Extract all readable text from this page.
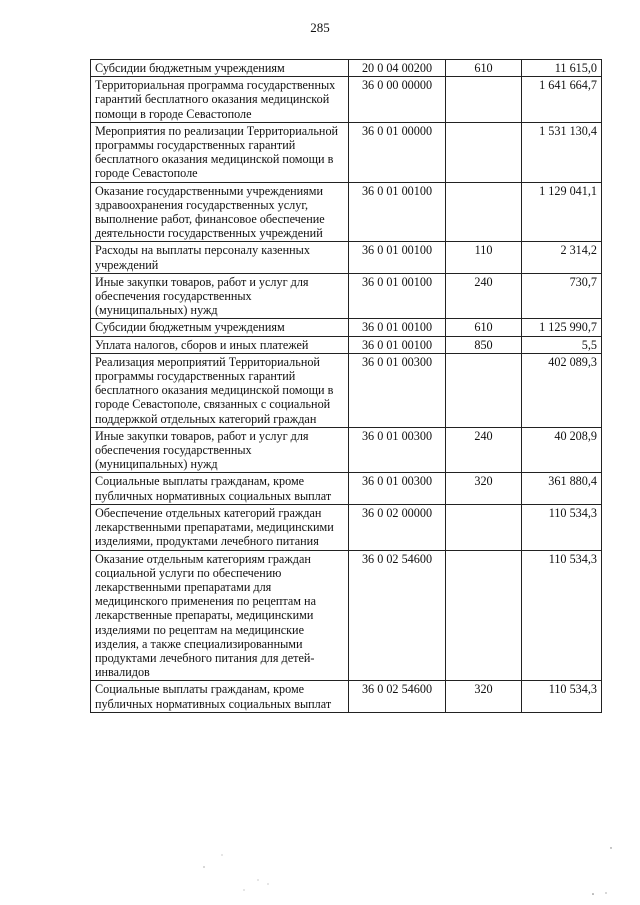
285
Субсидии бюджетным учреждениям	20 0 04 00200	610	11 615,0
Территориальная программа государственных гарантий бесплатного оказания медицинской помощи в городе Севастополе	36 0 00 00000		1 641 664,7
Мероприятия по реализации Территориальной программы государственных гарантий бесплатного оказания медицинской помощи в городе Севастополе	36 0 01 00000		1 531 130,4
Оказание государственными учреждениями здравоохранения государственных услуг, выполнение работ, финансовое обеспечение деятельности государственных учреждений	36 0 01 00100		1 129 041,1
Расходы на выплаты персоналу казенных учреждений	36 0 01 00100	110	2 314,2
Иные закупки товаров, работ и услуг для обеспечения государственных (муниципальных) нужд	36 0 01 00100	240	730,7
Субсидии бюджетным учреждениям	36 0 01 00100	610	1 125 990,7
Уплата налогов, сборов и иных платежей	36 0 01 00100	850	5,5
Реализация мероприятий Территориальной программы государственных гарантий бесплатного оказания медицинской помощи в городе Севастополе, связанных с социальной поддержкой отдельных категорий граждан	36 0 01 00300		402 089,3
Иные закупки товаров, работ и услуг для обеспечения государственных (муниципальных) нужд	36 0 01 00300	240	40 208,9
Социальные выплаты гражданам, кроме публичных нормативных социальных выплат	36 0 01 00300	320	361 880,4
Обеспечение отдельных категорий граждан лекарственными препаратами, медицинскими изделиями, продуктами лечебного питания	36 0 02 00000		110 534,3
Оказание отдельным категориям граждан социальной услуги по обеспечению лекарственными препаратами для медицинского применения по рецептам на лекарственные препараты, медицинскими изделиями по рецептам на медицинские изделия, а также специализированными продуктами лечебного питания для детей-инвалидов	36 0 02 54600		110 534,3
Социальные выплаты гражданам, кроме публичных нормативных социальных выплат	36 0 02 54600	320	110 534,3
